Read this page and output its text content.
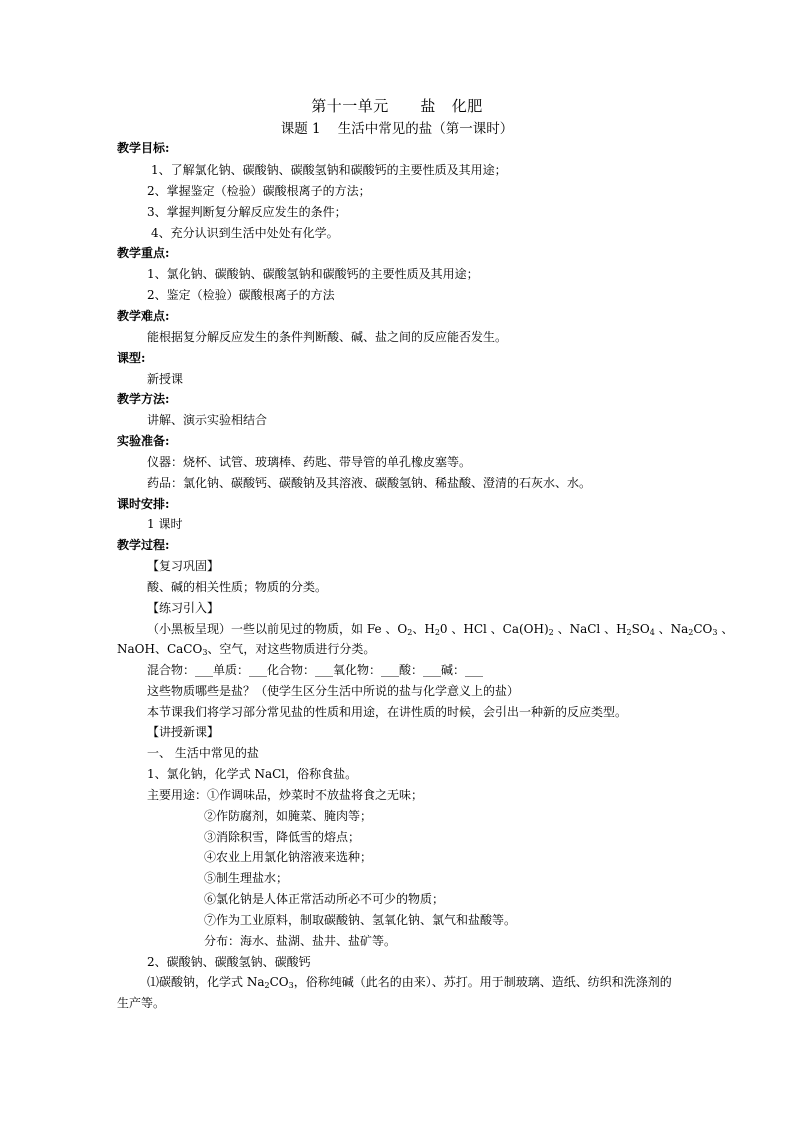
第十一单元      盐   化肥
课题 1    生活中常见的盐（第一课时）
教学目标:
1、了解氯化钠、碳酸钠、碳酸氢钠和碳酸钙的主要性质及其用途；
2、掌握鉴定（检验）碳酸根离子的方法；
3、掌握判断复分解反应发生的条件；
4、充分认识到生活中处处有化学。
教学重点:
1、氯化钠、碳酸钠、碳酸氢钠和碳酸钙的主要性质及其用途；
2、鉴定（检验）碳酸根离子的方法
教学难点:
能根据复分解反应发生的条件判断酸、碱、盐之间的反应能否发生。
课型:
新授课
教学方法:
讲解、演示实验相结合
实验准备:
仪器：烧杯、试管、玻璃棒、药匙、带导管的单孔橡皮塞等。
药品：氯化钠、碳酸钙、碳酸钠及其溶液、碳酸氢钠、稀盐酸、澄清的石灰水、水。
课时安排:
1 课时
教学过程:
【复习巩固】
酸、碱的相关性质；物质的分类。
【练习引入】
（小黑板呈现）一些以前见过的物质，如 Fe 、$O_2$、$H_20$ 、HCl 、$Ca(OH)_2$ 、NaCl 、$H_2SO_4$ 、$Na_2CO_3$ 、
NaOH、CaCO$_3$、空气，对这些物质进行分类。
混合物：___单质：___化合物：___氧化物：___酸：___碱：___
这些物质哪些是盐？（使学生区分生活中所说的盐与化学意义上的盐）
本节课我们将学习部分常见盐的性质和用途，在讲性质的时候，会引出一种新的反应类型。
【讲授新课】
一、 生活中常见的盐
1、氯化钠，化学式 NaCl，俗称食盐。
主要用途：①作调味品，炒菜时不放盐将食之无味；
②作防腐剂，如腌菜、腌肉等；
③消除积雪，降低雪的熔点；
④农业上用氯化钠溶液来选种；
⑤制生理盐水；
⑥氯化钠是人体正常活动所必不可少的物质；
⑦作为工业原料，制取碳酸钠、氢氧化钠、氯气和盐酸等。
分布：海水、盐湖、盐井、盐矿等。
2、碳酸钠、碳酸氢钠、碳酸钙
⑴碳酸钠，化学式 $Na_2CO_3$，俗称纯碱（此名的由来）、苏打。用于制玻璃、造纸、纺织和洗涤剂的
生产等。
